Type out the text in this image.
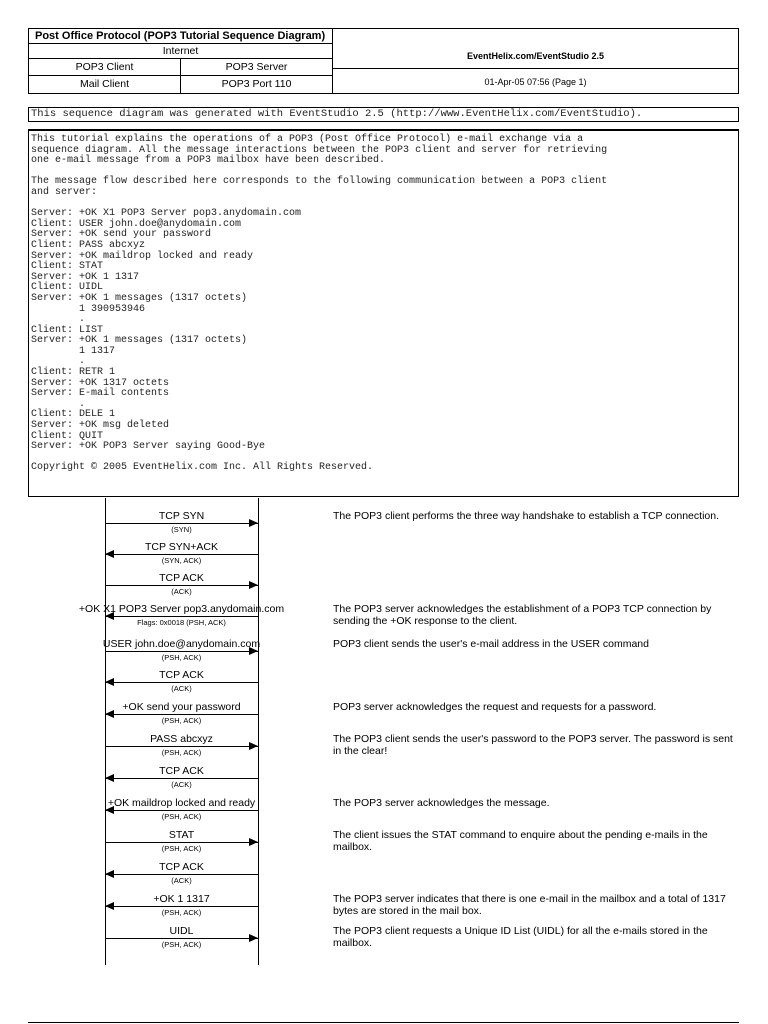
Post Office Protocol (POP3 Tutorial Sequence Diagram)
Internet
POP3 Client	POP3 Server
Mail Client	POP3 Port 110
EventHelix.com/EventStudio 2.5
01-Apr-05 07:56 (Page 1)
This sequence diagram was generated with EventStudio 2.5 (http://www.EventHelix.com/EventStudio).
This tutorial explains the operations of a POP3 (Post Office Protocol) e-mail exchange via a
sequence diagram. All the message interactions between the POP3 client and server for retrieving
one e-mail message from a POP3 mailbox have been described.
The message flow described here corresponds to the following communication between a POP3 client
and server:
Server: +OK X1 POP3 Server pop3.anydomain.com
Client: USER john.doe@anydomain.com
Server: +OK send your password
Client: PASS abcxyz
Server: +OK maildrop locked and ready
Client: STAT
Server: +OK 1 1317
Client: UIDL
Server: +OK 1 messages (1317 octets)
1 390953946
.
Client: LIST
Server: +OK 1 messages (1317 octets)
1 1317
.
Client: RETR 1
Server: +OK 1317 octets
Server: E-mail contents
.
Client: DELE 1
Server: +OK msg deleted
Client: QUIT
Server: +OK POP3 Server saying Good-Bye
Copyright © 2005 EventHelix.com Inc. All Rights Reserved.
TCP SYN
(SYN)
The POP3 client performs the three way handshake to establish a TCP connection.
TCP SYN+ACK
(SYN, ACK)
TCP ACK
(ACK)
+OK X1 POP3 Server pop3.anydomain.com
Flags: 0x0018 (PSH, ACK)
The POP3 server acknowledges the establishment of a POP3 TCP connection by sending the +OK response to the client.
USER john.doe@anydomain.com
(PSH, ACK)
POP3 client sends the user's e-mail address in the USER command
TCP ACK
(ACK)
+OK send your password
(PSH, ACK)
POP3 server acknowledges the request and requests for a password.
PASS abcxyz
(PSH, ACK)
The POP3 client sends the user's password to the POP3 server. The password is sent in the clear!
TCP ACK
(ACK)
+OK maildrop locked and ready
(PSH, ACK)
The POP3 server acknowledges the message.
STAT
(PSH, ACK)
The client issues the STAT command to enquire about the pending e-mails in the mailbox.
TCP ACK
(ACK)
+OK 1 1317
(PSH, ACK)
The POP3 server indicates that there is one e-mail in the mailbox and a total of 1317 bytes are stored in the mail box.
UIDL
(PSH, ACK)
The POP3 client requests a Unique ID List (UIDL) for all the e-mails stored in the mailbox.
